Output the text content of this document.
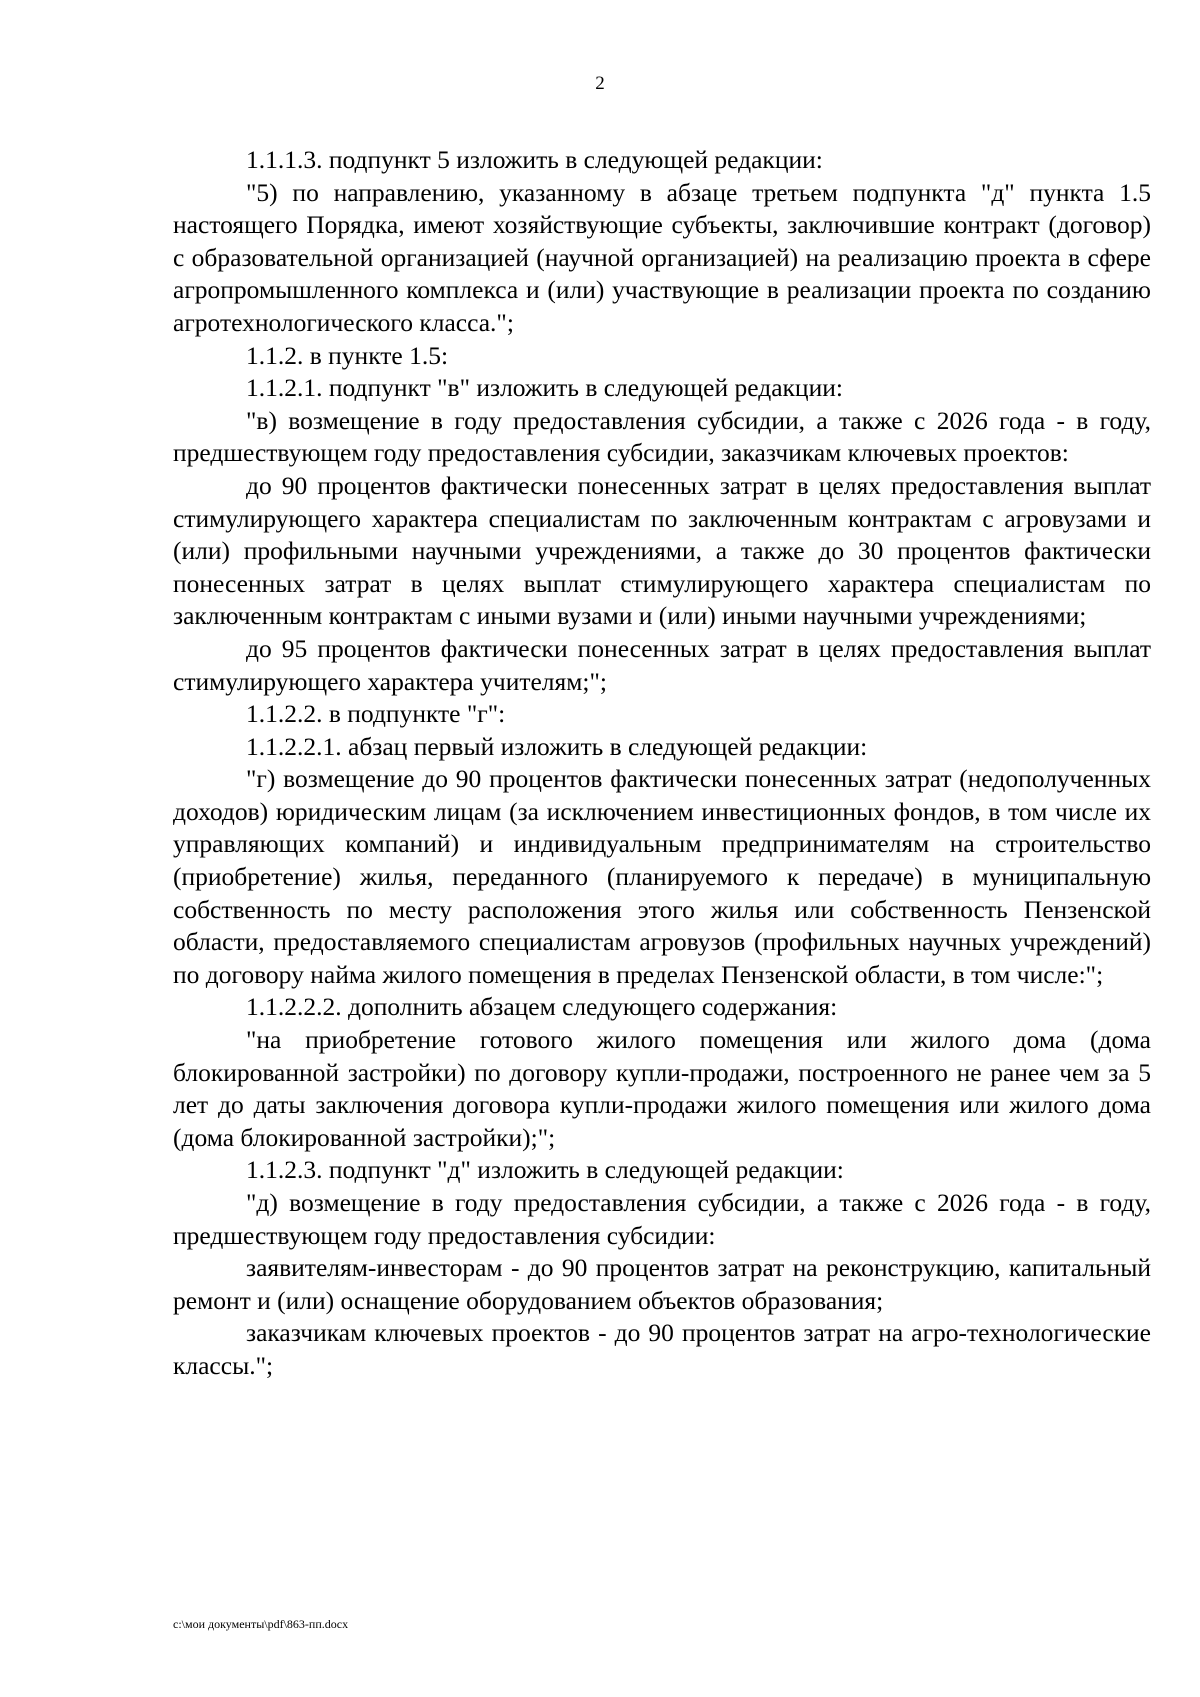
2

1.1.1.3. подпункт 5 изложить в следующей редакции:

"5) по направлению, указанному в абзаце третьем подпункта "д" пункта 1.5 настоящего Порядка, имеют хозяйствующие субъекты, заключившие контракт (договор) с образовательной организацией (научной организацией) на реализацию проекта в сфере агропромышленного комплекса и (или) участвующие в реализации проекта по созданию агротехнологического класса.";

1.1.2. в пункте 1.5:

1.1.2.1. подпункт "в" изложить в следующей редакции:

"в) возмещение в году предоставления субсидии, а также с 2026 года - в году, предшествующем году предоставления субсидии, заказчикам ключевых проектов:

до 90 процентов фактически понесенных затрат в целях предоставления выплат стимулирующего характера специалистам по заключенным контрактам с агровузами и (или) профильными научными учреждениями, а также до 30 процентов фактически понесенных затрат в целях выплат стимулирующего характера специалистам по заключенным контрактам с иными вузами и (или) иными научными учреждениями;

до 95 процентов фактически понесенных затрат в целях предоставления выплат стимулирующего характера учителям;";

1.1.2.2. в подпункте "г":

1.1.2.2.1. абзац первый изложить в следующей редакции:

"г) возмещение до 90 процентов фактически понесенных затрат (недополученных доходов) юридическим лицам (за исключением инвестиционных фондов, в том числе их управляющих компаний) и индивидуальным предпринимателям на строительство (приобретение) жилья, переданного (планируемого к передаче) в муниципальную собственность по месту расположения этого жилья или собственность Пензенской области, предоставляемого специалистам агровузов (профильных научных учреждений) по договору найма жилого помещения в пределах Пензенской области, в том числе:";

1.1.2.2.2. дополнить абзацем следующего содержания:

"на приобретение готового жилого помещения или жилого дома (дома блокированной застройки) по договору купли-продажи, построенного не ранее чем за 5 лет до даты заключения договора купли-продажи жилого помещения или жилого дома (дома блокированной застройки);";

1.1.2.3. подпункт "д" изложить в следующей редакции:

"д) возмещение в году предоставления субсидии, а также с 2026 года - в году, предшествующем году предоставления субсидии:

заявителям-инвесторам - до 90 процентов затрат на реконструкцию, капитальный ремонт и (или) оснащение оборудованием объектов образования;

заказчикам ключевых проектов - до 90 процентов затрат на агро-технологические классы.";

c:\мои документы\pdf\863-пп.docx
